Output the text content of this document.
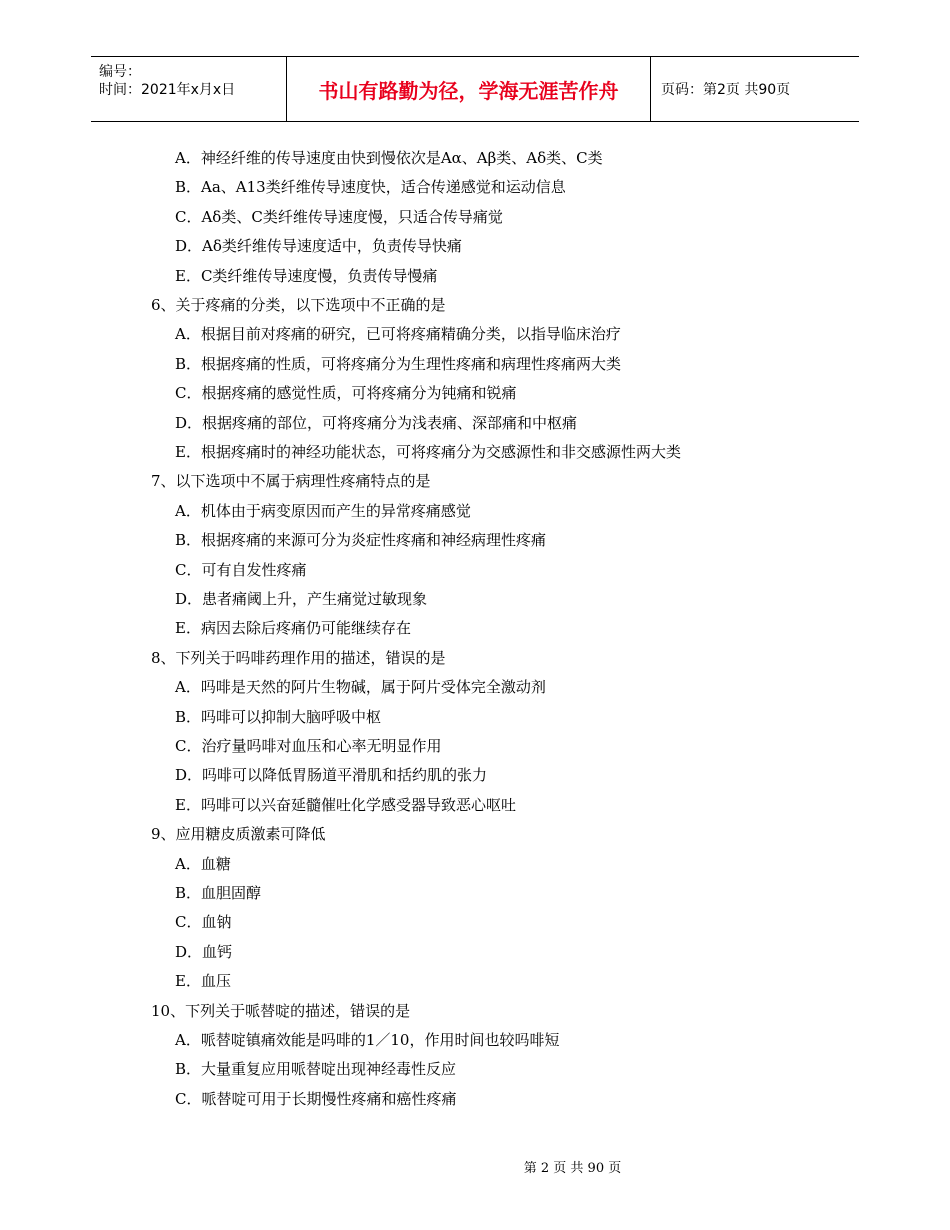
编号：
时间：2021年x月x日	书山有路勤为径，学海无涯苦作舟	页码：第2页 共90页
A．神经纤维的传导速度由快到慢依次是Aα、Aβ类、Aδ类、C类
B．Aa、A13类纤维传导速度快，适合传递感觉和运动信息
C．Aδ类、C类纤维传导速度慢，只适合传导痛觉
D．Aδ类纤维传导速度适中，负责传导快痛
E．C类纤维传导速度慢，负责传导慢痛
6、关于疼痛的分类，以下选项中不正确的是
A．根据目前对疼痛的研究，已可将疼痛精确分类，以指导临床治疗
B．根据疼痛的性质，可将疼痛分为生理性疼痛和病理性疼痛两大类
C．根据疼痛的感觉性质，可将疼痛分为钝痛和锐痛
D．根据疼痛的部位，可将疼痛分为浅表痛、深部痛和中枢痛
E．根据疼痛时的神经功能状态，可将疼痛分为交感源性和非交感源性两大类
7、以下选项中不属于病理性疼痛特点的是
A．机体由于病变原因而产生的异常疼痛感觉
B．根据疼痛的来源可分为炎症性疼痛和神经病理性疼痛
C．可有自发性疼痛
D．患者痛阈上升，产生痛觉过敏现象
E．病因去除后疼痛仍可能继续存在
8、下列关于吗啡药理作用的描述，错误的是
A．吗啡是天然的阿片生物碱，属于阿片受体完全激动剂
B．吗啡可以抑制大脑呼吸中枢
C．治疗量吗啡对血压和心率无明显作用
D．吗啡可以降低胃肠道平滑肌和括约肌的张力
E．吗啡可以兴奋延髓催吐化学感受器导致恶心呕吐
9、应用糖皮质激素可降低
A．血糖
B．血胆固醇
C．血钠
D．血钙
E．血压
10、下列关于哌替啶的描述，错误的是
A．哌替啶镇痛效能是吗啡的1／10，作用时间也较吗啡短
B．大量重复应用哌替啶出现神经毒性反应
C．哌替啶可用于长期慢性疼痛和癌性疼痛
第 2 页 共 90 页
